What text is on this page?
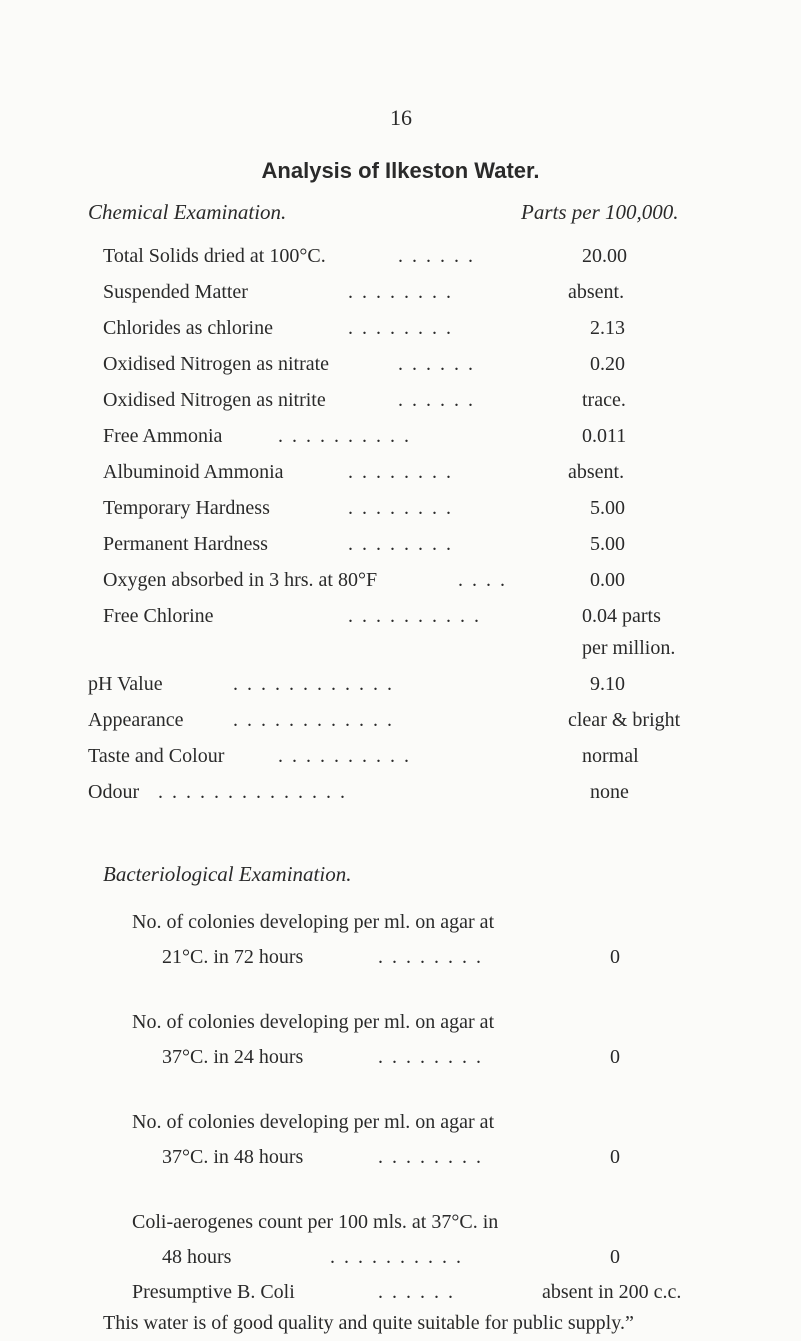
16
Analysis of Ilkeston Water.
Chemical Examination.	Parts per 100,000.
Total Solids dried at 100°C.	. . . . . .	20.00
Suspended Matter	. . . . . . . .	absent.
Chlorides as chlorine	. . . . . . . .	2.13
Oxidised Nitrogen as nitrate	. . . . . .	0.20
Oxidised Nitrogen as nitrite	. . . . . .	trace.
Free Ammonia	. . . . . . . . . .	0.011
Albuminoid Ammonia	. . . . . . . .	absent.
Temporary Hardness	. . . . . . . .	5.00
Permanent Hardness	. . . . . . . .	5.00
Oxygen absorbed in 3 hrs. at 80°F	. . . .	0.00
Free Chlorine	. . . . . . . . . .	0.04 parts
per million.
pH Value	. . . . . . . . . . . .	9.10
Appearance . . . . . . . . . . . .	clear & bright
Taste and Colour	. . . . . . . . . .	normal
Odour . . . . . . . . . . . . . .	none
Bacteriological Examination.
No. of colonies developing per ml. on agar at
21°C. in 72 hours	. . . . . . . .	0
No. of colonies developing per ml. on agar at
37°C. in 24 hours	. . . . . . . .	0
No. of colonies developing per ml. on agar at
37°C. in 48 hours	. . . . . . . .	0
Coli-aerogenes count per 100 mls. at 37°C. in
48 hours	. . . . . . . . . .	0
Presumptive B. Coli	. . . . . .	absent in 200 c.c.
This water is of good quality and quite suitable for public supply.”
